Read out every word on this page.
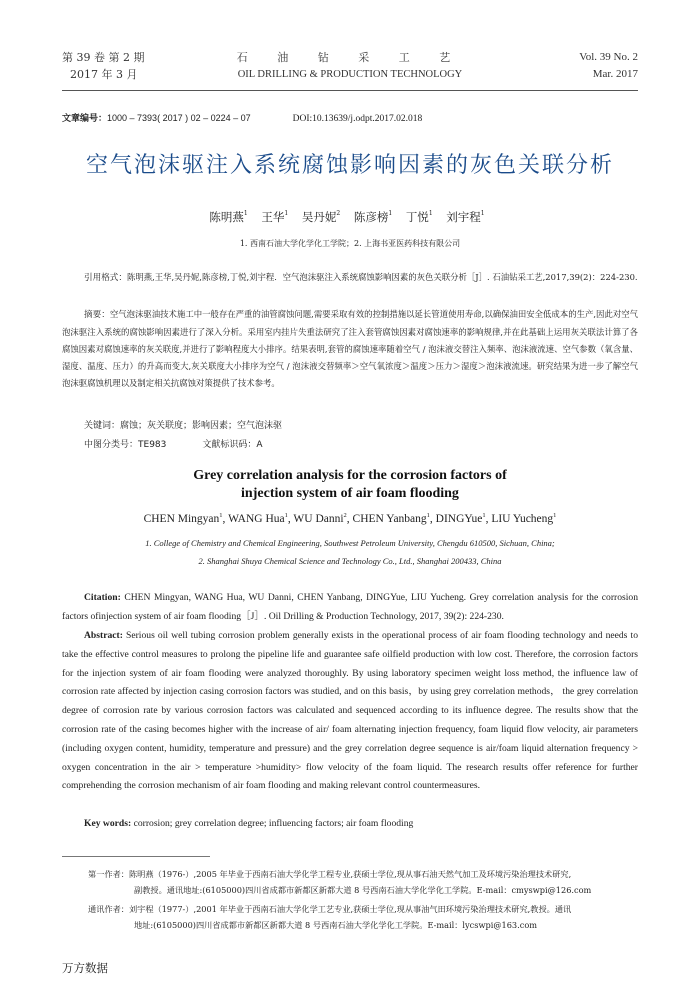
第 39 卷 第 2 期
2017 年 3 月
石 油 钻 采 工 艺
OIL DRILLING & PRODUCTION TECHNOLOGY
Vol. 39 No. 2
Mar. 2017
文章编号：1000 – 7393( 2017 ) 02 – 0224 – 07	DOI:10.13639/j.odpt.2017.02.018
空气泡沫驱注入系统腐蚀影响因素的灰色关联分析
陈明燕$^1$ 王华$^1$ 吴丹妮$^2$ 陈彦榜$^1$ 丁悦$^1$ 刘宇程$^1$
1. 西南石油大学化学化工学院；2. 上海书亚医药科技有限公司
引用格式：陈明燕,王华,吴丹妮,陈彦榜,丁悦,刘宇程．空气泡沫驱注入系统腐蚀影响因素的灰色关联分析［J］. 石油钻采工艺,2017,39(2)：224-230.
摘要：空气泡沫驱油技术施工中一般存在严重的油管腐蚀问题,需要采取有效的控制措施以延长管道使用寿命,以确保油田安全低成本的生产,因此对空气泡沫驱注入系统的腐蚀影响因素进行了深入分析。采用室内挂片失重法研究了注入套管腐蚀因素对腐蚀速率的影响规律,并在此基础上运用灰关联法计算了各腐蚀因素对腐蚀速率的灰关联度,并进行了影响程度大小排序。结果表明,套管的腐蚀速率随着空气 / 泡沫液交替注入频率、泡沫液流速、空气参数（氧含量、湿度、温度、压力）的升高而变大,灰关联度大小排序为空气 / 泡沫液交替频率＞空气氧浓度＞温度＞压力＞湿度＞泡沫液流速。研究结果为进一步了解空气泡沫驱腐蚀机理以及制定相关抗腐蚀对策提供了技术参考。
关键词：腐蚀；灰关联度；影响因素；空气泡沫驱
中图分类号：TE983	文献标识码：A
Grey correlation analysis for the corrosion factors of
injection system of air foam flooding
CHEN Mingyan$^1$, WANG Hua$^1$, WU Danni$^2$, CHEN Yanbang$^1$, DINGYue$^1$, LIU Yucheng$^1$
1. College of Chemistry and Chemical Engineering, Southwest Petroleum University, Chengdu 610500, Sichuan, China;
2. Shanghai Shuya Chemical Science and Technology Co., Ltd., Shanghai 200433, China
Citation: CHEN Mingyan, WANG Hua, WU Danni, CHEN Yanbang, DINGYue, LIU Yucheng. Grey correlation analysis for the corrosion factors ofinjection system of air foam flooding［J］. Oil Drilling & Production Technology, 2017, 39(2): 224-230.
Abstract: Serious oil well tubing corrosion problem generally exists in the operational process of air foam flooding technology and needs to take the effective control measures to prolong the pipeline life and guarantee safe oilfield production with low cost. Therefore, the corrosion factors for the injection system of air foam flooding were analyzed thoroughly. By using laboratory specimen weight loss method, the influence law of corrosion rate affected by injection casing corrosion factors was studied, and on this basis，by using grey correlation methods， the grey correlation degree of corrosion rate by various corrosion factors was calculated and sequenced according to its influence degree. The results show that the corrosion rate of the casing becomes higher with the increase of air/ foam alternating injection frequency, foam liquid flow velocity, air parameters (including oxygen content, humidity, temperature and pressure) and the grey correlation degree sequence is air/foam liquid alternation frequency > oxygen concentration in the air > temperature >humidity> flow velocity of the foam liquid. The research results offer reference for further comprehending the corrosion mechanism of air foam flooding and making relevant control countermeasures.
Key words: corrosion; grey correlation degree; influencing factors; air foam flooding
第一作者：陈明燕（1976-）,2005 年毕业于西南石油大学化学工程专业,获硕士学位,现从事石油天然气加工及环境污染治理技术研究,
副教授。通讯地址:(6105000)四川省成都市新都区新都大道 8 号西南石油大学化学化工学院。E-mail：cmyswpi@126.com
通讯作者：刘宇程（1977-）,2001 年毕业于西南石油大学化学工艺专业,获硕士学位,现从事油气田环境污染治理技术研究,教授。通讯
地址:(6105000)四川省成都市新都区新都大道 8 号西南石油大学化学化工学院。E-mail：lycswpi@163.com
万方数据
